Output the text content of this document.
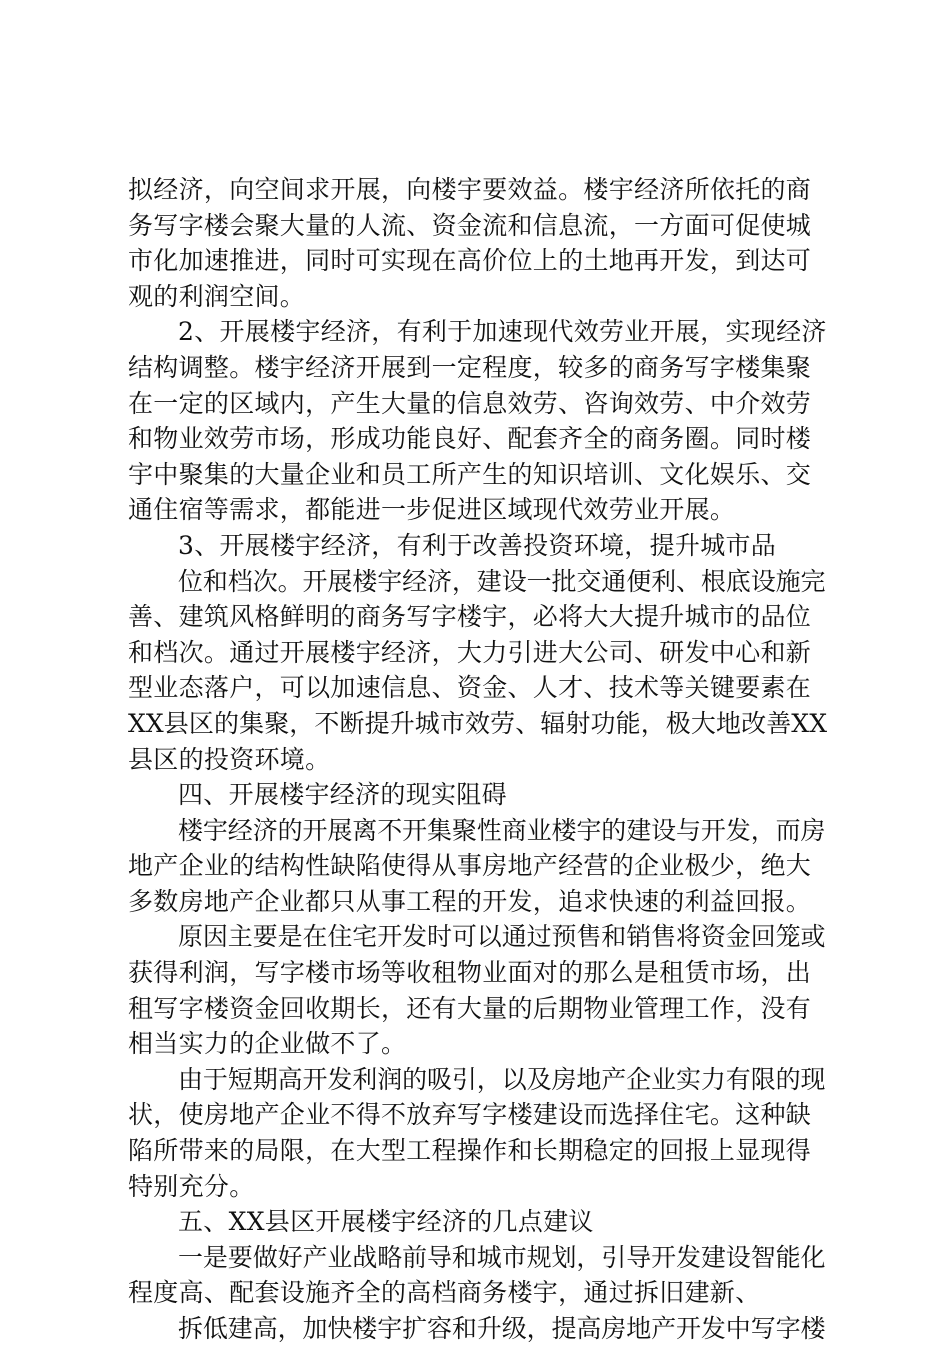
拟经济，向空间求开展，向楼宇要效益。楼宇经济所依托的商
务写字楼会聚大量的人流、资金流和信息流，一方面可促使城
市化加速推进，同时可实现在高价位上的土地再开发，到达可
观的利润空间。
2、开展楼宇经济，有利于加速现代效劳业开展，实现经济
结构调整。楼宇经济开展到一定程度，较多的商务写字楼集聚
在一定的区域内，产生大量的信息效劳、咨询效劳、中介效劳
和物业效劳市场，形成功能良好、配套齐全的商务圈。同时楼
宇中聚集的大量企业和员工所产生的知识培训、文化娱乐、交
通住宿等需求，都能进一步促进区域现代效劳业开展。
3、开展楼宇经济，有利于改善投资环境，提升城市品
位和档次。开展楼宇经济，建设一批交通便利、根底设施完
善、建筑风格鲜明的商务写字楼宇，必将大大提升城市的品位
和档次。通过开展楼宇经济，大力引进大公司、研发中心和新
型业态落户，可以加速信息、资金、人才、技术等关键要素在
XX县区的集聚，不断提升城市效劳、辐射功能，极大地改善XX
县区的投资环境。
四、开展楼宇经济的现实阻碍
楼宇经济的开展离不开集聚性商业楼宇的建设与开发，而房
地产企业的结构性缺陷使得从事房地产经营的企业极少，绝大
多数房地产企业都只从事工程的开发，追求快速的利益回报。
原因主要是在住宅开发时可以通过预售和销售将资金回笼或
获得利润，写字楼市场等收租物业面对的那么是租赁市场，出
租写字楼资金回收期长，还有大量的后期物业管理工作，没有
相当实力的企业做不了。
由于短期高开发利润的吸引，以及房地产企业实力有限的现
状，使房地产企业不得不放弃写字楼建设而选择住宅。这种缺
陷所带来的局限，在大型工程操作和长期稳定的回报上显现得
特别充分。
五、XX县区开展楼宇经济的几点建议
一是要做好产业战略前导和城市规划，引导开发建设智能化
程度高、配套设施齐全的高档商务楼宇，通过拆旧建新、
拆低建高，加快楼宇扩容和升级，提高房地产开发中写字楼
